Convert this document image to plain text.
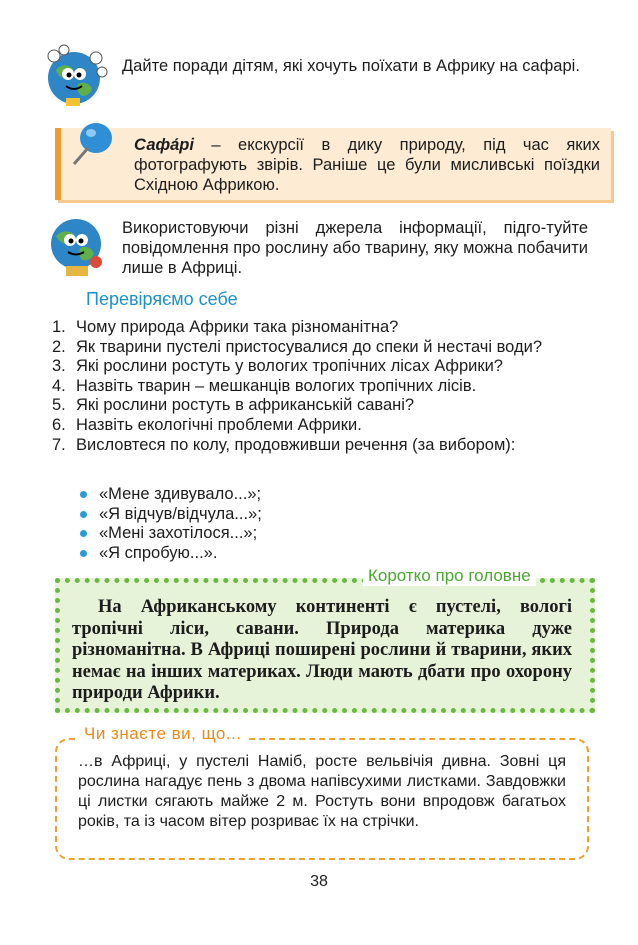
Дайте поради дітям, які хочуть поїхати в Африку на сафарі.
Сафа́рі – екскурсії в дику природу, під час яких фотографують звірів. Раніше це були мисливські поїздки Східною Африкою.
Використовуючи різні джерела інформації, підго-туйте повідомлення про рослину або тварину, яку можна побачити лише в Африці.
Перевіряємо себе
1. Чому природа Африки така різноманітна?
2. Як тварини пустелі пристосувалися до спеки й нестачі води?
3. Які рослини ростуть у вологих тропічних лісах Африки?
4. Назвіть тварин – мешканців вологих тропічних лісів.
5. Які рослини ростуть в африканській савані?
6. Назвіть екологічні проблеми Африки.
7. Висловтеся по колу, продовживши речення (за вибором):
«Мене здивувало...»;
«Я відчув/відчула...»;
«Мені захотілося...»;
«Я спробую...».
Коротко про головне
На Африканському континенті є пустелі, вологі тропічні ліси, савани. Природа материка дуже різноманітна. В Африці поширені рослини й тварини, яких немає на інших материках. Люди мають дбати про охорону природи Африки.
Чи знаєте ви, що...
…в Африці, у пустелі Наміб, росте вельвічія дивна. Зовні ця рослина нагадує пень з двома напівсухими листками. Завдовжки ці листки сягають майже 2 м. Ростуть вони впродовж багатьох років, та із часом вітер розриває їх на стрічки.
38
